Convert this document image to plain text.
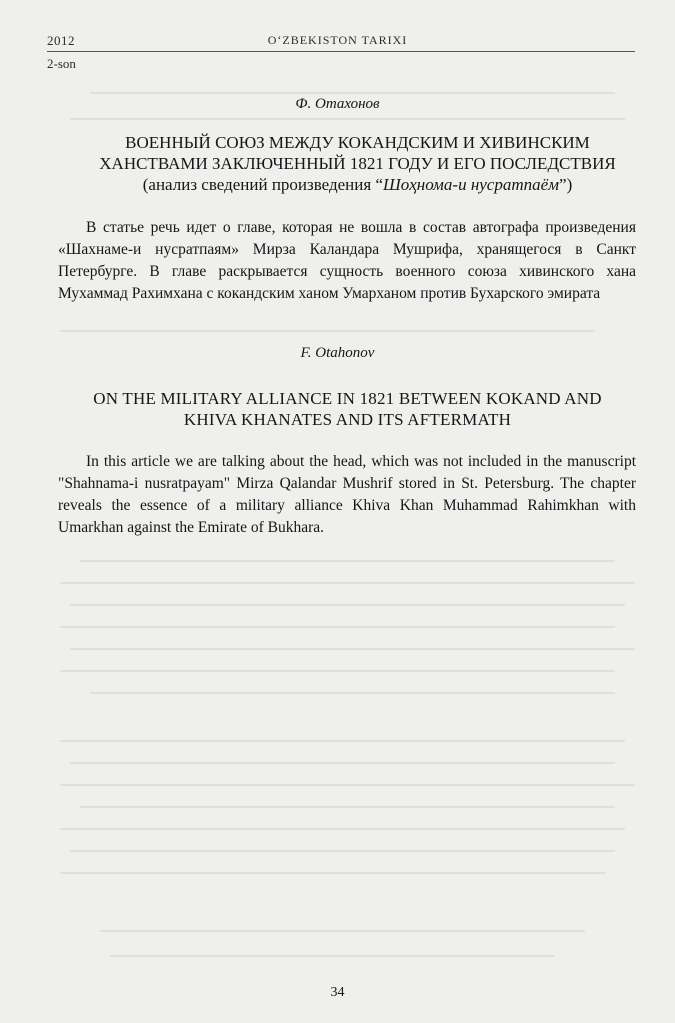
2012	O‘ZBEKISTON TARIXI
2-son
Ф. Отахонов
ВОЕННЫЙ СОЮЗ МЕЖДУ КОКАНДСКИМ И ХИВИНСКИМ
ХАНСТВАМИ ЗАКЛЮЧЕННЫЙ 1821 ГОДУ И ЕГО ПОСЛЕДСТВИЯ
(анализ сведений произведения “Шоҳнома-и нусратпаём”)
В статье речь идет о главе, которая не вошла в состав автографа произведения «Шахнаме-и нусратпаям» Мирза Каландара Мушрифа, хранящегося в Санкт Петербурге. В главе раскрывается сущность военного союза хивинского хана Мухаммад Рахимхана с кокандским ханом Умарханом против Бухарского эмирата
F. Otahonov
ON THE MILITARY ALLIANCE IN 1821 BETWEEN KOKAND AND
KHIVA KHANATES AND ITS AFTERMATH
In this article we are talking about the head, which was not included in the manuscript "Shahnama-i nusratpayam" Mirza Qalandar Mushrif stored in St. Petersburg. The chapter reveals the essence of a military alliance Khiva Khan Muhammad Rahimkhan with Umarkhan against the Emirate of Bukhara.
34
